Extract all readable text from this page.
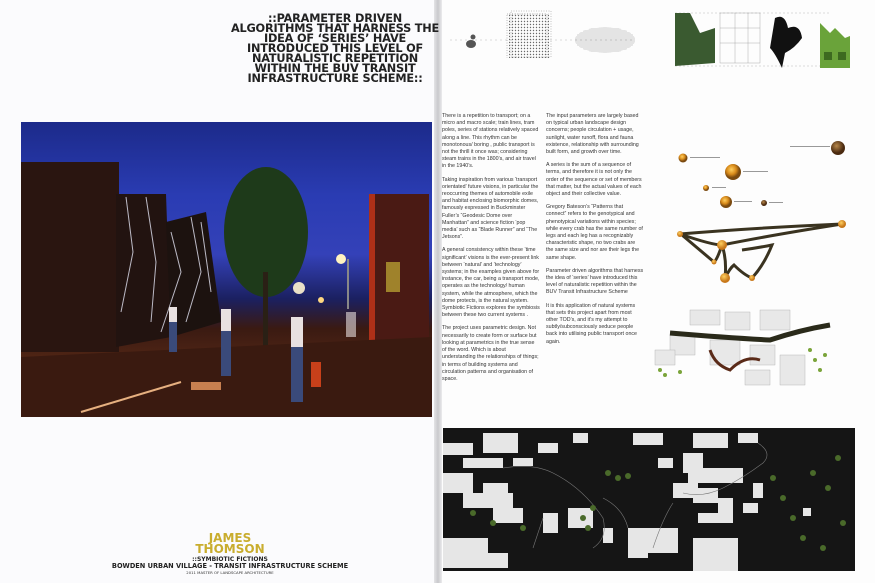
::PARAMETER DRIVEN ALGORITHMS THAT HARNESS THE IDEA OF ‘SERIES’ HAVE INTRODUCED THIS LEVEL OF NATURALISTIC REPETITION WITHIN THE BUV TRANSIT INFRASTRUCTURE SCHEME::
JAMES
THOMSON
::SYMBIOTIC FICTIONS
BOWDEN URBAN VILLAGE - TRANSIT INFRASTRUCTURE SCHEME
2011 MASTER OF LANDSCAPE ARCHITECTURE

There is a repetition to transport; on a micro and macro scale; train lines, tram poles, series of stations relatively spaced along a line. This rhythm can be monotonous/ boring , public transport is not the thrill it once was; considering steam trains in the 1800’s, and air travel in the 1940’s.

Taking inspiration from various ‘transport orientated’ future visions, in particular the reoccurring themes of automobile exile and habitat enclosing biomorphic domes, famously expressed in Buckminster Fuller’s “Geodesic Dome over Manhattan” and science fiction ‘pop media’ such as “Blade Runner” and “The Jetsons”.

A general consistency within these ‘time significant’ visions is the ever-present link between ‘natural’ and ‘technology’ systems; in the examples given above for instance, the car, being a transport mode, operates as the technology/ human system, while the atmosphere, which the dome protects, is the natural system. Symbiotic Fictions explores the symbiosis between these two current systems .

The project uses parametric design. Not necessarily to create form or surface but looking at parametrics in the true sense of the word. Which is about understanding the relationships of things; in terms of building systems and circulation patterns and organisation of space.

The input parameters are largely based on typical urban landscape design concerns; people circulation + usage, sunlight, water runoff, flora and fauna existence, relationship with surrounding built form, and growth over time.

A series is the sum of a sequence of terms, and therefore it is not only the order of the sequence or set of members that matter, but the actual values of each object and their collective value.

Gregory Bateson’s “Patterns that connect” refers to the genotypical and phenotypical variations within species; while every crab has the same number of legs and each leg has a recognizably characteristic shape, no two crabs are the same size and nor are their legs the same shape.

Parameter driven algorithms that harness the idea of ‘series’ have introduced this level of naturalistic repetition within the BUV Transit Infrastructure Scheme

It is this application of natural systems that sets this project apart from most other TOD’s, and it’s my attempt to subtly/subconsciously seduce people back into utilising public transport once again.
